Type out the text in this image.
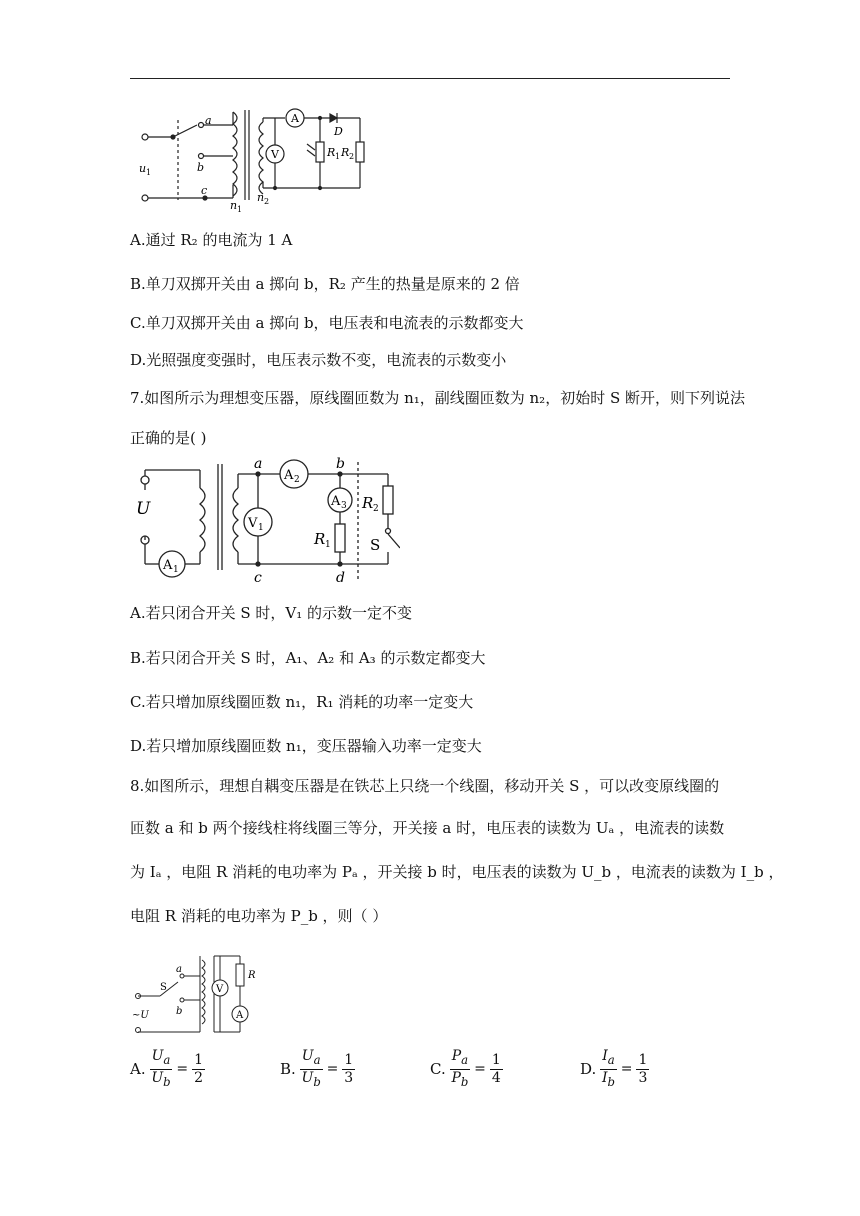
a
b
c
u 1
n 1
n 2
A
V
D
R 1 R 2
A.通过 R₂ 的电流为 1 A
B.单刀双掷开关由 a 掷向 b，R₂ 产生的热量是原来的 2 倍
C.单刀双掷开关由 a 掷向 b，电压表和电流表的示数都变大
D.光照强度变强时，电压表示数不变，电流表的示数变小
7.如图所示为理想变压器，原线圈匝数为 n₁，副线圈匝数为 n₂，初始时 S 断开，则下列说法
正确的是( )
U
A 1
V 1
A 2
A 3
R 1
R 2
S
a	b
c	d
A.若只闭合开关 S 时，V₁ 的示数一定不变
B.若只闭合开关 S 时，A₁、A₂ 和 A₃ 的示数定都变大
C.若只增加原线圈匝数 n₁，R₁ 消耗的功率一定变大
D.若只增加原线圈匝数 n₁，变压器输入功率一定变大
8.如图所示，理想自耦变压器是在铁芯上只绕一个线圈，移动开关 S ，可以改变原线圈的
匝数 a 和 b 两个接线柱将线圈三等分，开关接 a 时，电压表的读数为 Uₐ ，电流表的读数
为 Iₐ ，电阻 R 消耗的电功率为 Pₐ ，开关接 b 时，电压表的读数为 U_b ，电流表的读数为 I_b ，
电阻 R 消耗的电功率为 P_b ，则（ ）
S
a
b
~U
V
A
R
A. $\frac{U_a}{U_b} = \frac{1}{2}$	B. $\frac{U_a}{U_b} = \frac{1}{3}$	C. $\frac{P_a}{P_b} = \frac{1}{4}$	D. $\frac{I_a}{I_b} = \frac{1}{3}$
